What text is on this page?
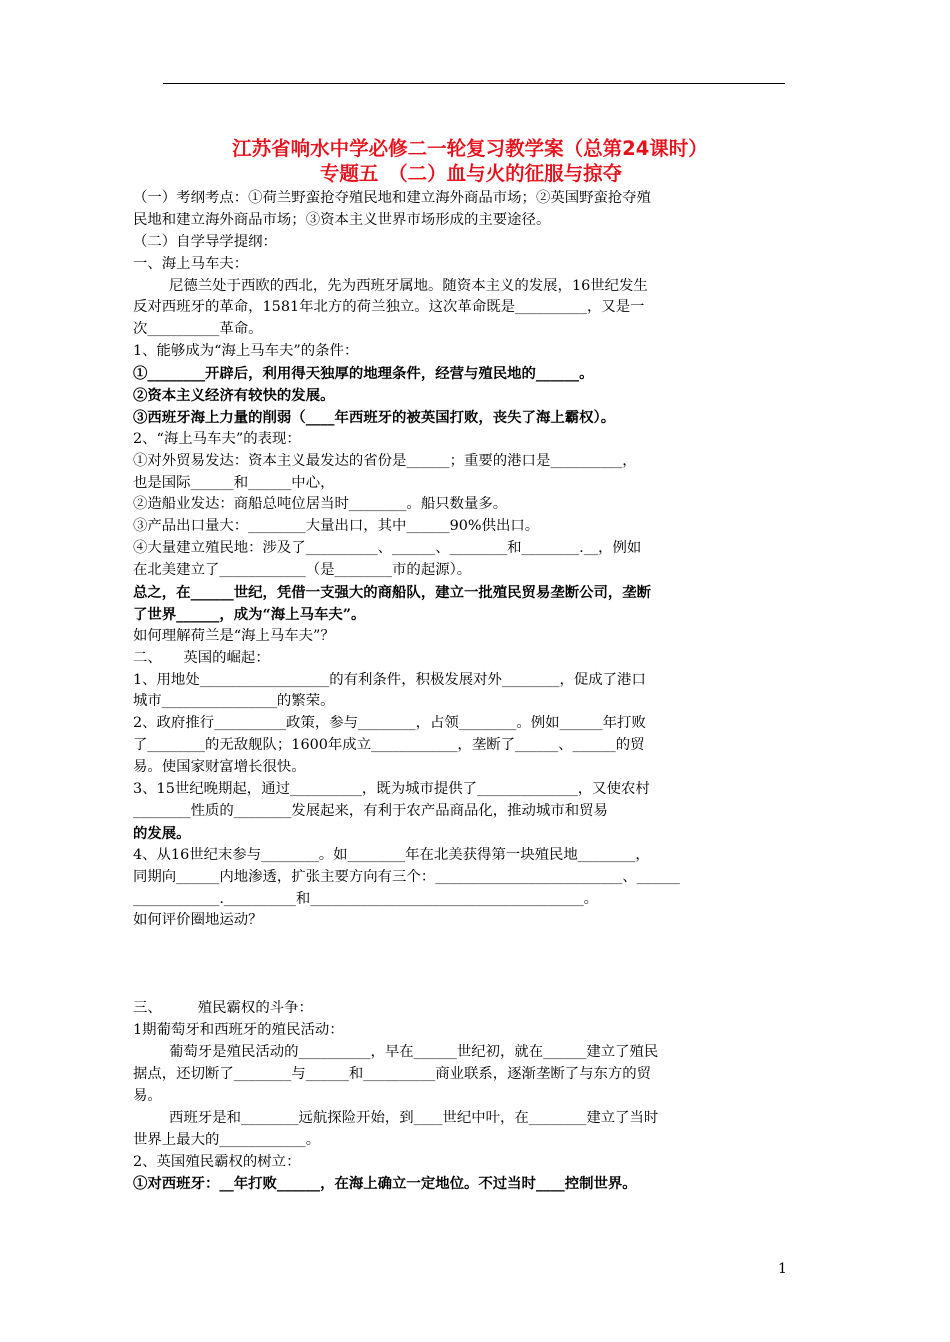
江苏省响水中学必修二一轮复习教学案（总第24课时）
专题五　（二）血与火的征服与掠夺
（一）考纲考点：①荷兰野蛮抢夺殖民地和建立海外商品市场；②英国野蛮抢夺殖
民地和建立海外商品市场；③资本主义世界市场形成的主要途径。
（二）自学导学提纲：
一、海上马车夫：
尼德兰处于西欧的西北，先为西班牙属地。随资本主义的发展，16世纪发生
反对西班牙的革命，1581年北方的荷兰独立。这次革命既是__________，又是一
次__________革命。
1、能够成为“海上马车夫”的条件：
①________开辟后，利用得天独厚的地理条件，经营与殖民地的______。
②资本主义经济有较快的发展。
③西班牙海上力量的削弱（____年西班牙的被英国打败，丧失了海上霸权）。
2、“海上马车夫”的表现：
①对外贸易发达：资本主义最发达的省份是______；重要的港口是__________，
也是国际______和______中心，
②造船业发达：商船总吨位居当时________。船只数量多。
③产品出口量大：________大量出口，其中______90%供出口。
④大量建立殖民地：涉及了__________、______、________和________.__，例如
在北美建立了____________（是________市的起源）。
总之，在______世纪，凭借一支强大的商船队，建立一批殖民贸易垄断公司，垄断
了世界______，成为“海上马车夫”。
如何理解荷兰是“海上马车夫”？
二、　　英国的崛起：
1、用地处__________________的有利条件，积极发展对外________，促成了港口
城市________________的繁荣。
2、政府推行__________政策，参与________，占领________。例如______年打败
了________的无敌舰队；1600年成立____________，垄断了______、______的贸
易。使国家财富增长很快。
3、15世纪晚期起，通过__________，既为城市提供了______________，又使农村
________性质的________发展起来，有利于农产品商品化，推动城市和贸易
的发展。
4、从16世纪末参与________。如________年在北美获得第一块殖民地________，
同期向______内地渗透，扩张主要方向有三个：__________________________、______
____________.__________和______________________________________。
如何评价圈地运动？
三、　　　殖民霸权的斗争：
1期葡萄牙和西班牙的殖民活动：
葡萄牙是殖民活动的__________，早在______世纪初，就在______建立了殖民
据点，还切断了________与______和__________商业联系，逐渐垄断了与东方的贸
易。
西班牙是和________远航探险开始，到____世纪中叶，在________建立了当时
世界上最大的____________。
2、英国殖民霸权的树立：
①对西班牙：__年打败______，在海上确立一定地位。不过当时____控制世界。
1
